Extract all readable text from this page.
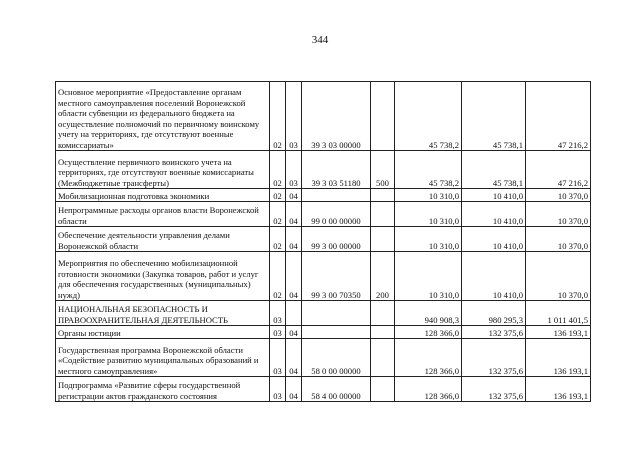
344
Основное мероприятие «Предоставление органам местного самоуправления поселений Воронежской области субвенции из федерального бюджета на осуществление полномочий по первичному воинскому учету на территориях, где отсутствуют военные комиссариаты»	02	03	39 3 03 00000		45 738,2	45 738,1	47 216,2
Осуществление первичного воинского учета на территориях, где отсутствуют военные комиссариаты (Межбюджетные трансферты)	02	03	39 3 03 51180	500	45 738,2	45 738,1	47 216,2
Мобилизационная подготовка экономики	02	04			10 310,0	10 410,0	10 370,0
Непрограммные расходы органов власти Воронежской области	02	04	99 0 00 00000		10 310,0	10 410,0	10 370,0
Обеспечение деятельности управления делами Воронежской области	02	04	99 3 00 00000		10 310,0	10 410,0	10 370,0
Мероприятия по обеспечению мобилизационной готовности экономики (Закупка товаров, работ и услуг для обеспечения государственных (муниципальных) нужд)	02	04	99 3 00 70350	200	10 310,0	10 410,0	10 370,0
НАЦИОНАЛЬНАЯ БЕЗОПАСНОСТЬ И ПРАВООХРАНИТЕЛЬНАЯ ДЕЯТЕЛЬНОСТЬ	03				940 908,3	980 295,3	1 011 401,5
Органы юстиции	03	04			128 366,0	132 375,6	136 193,1
Государственная программа Воронежской области «Содействие развитию муниципальных образований и местного самоуправления»	03	04	58 0 00 00000		128 366,0	132 375,6	136 193,1
Подпрограмма «Развитие сферы государственной регистрации актов гражданского состояния	03	04	58 4 00 00000		128 366,0	132 375,6	136 193,1
